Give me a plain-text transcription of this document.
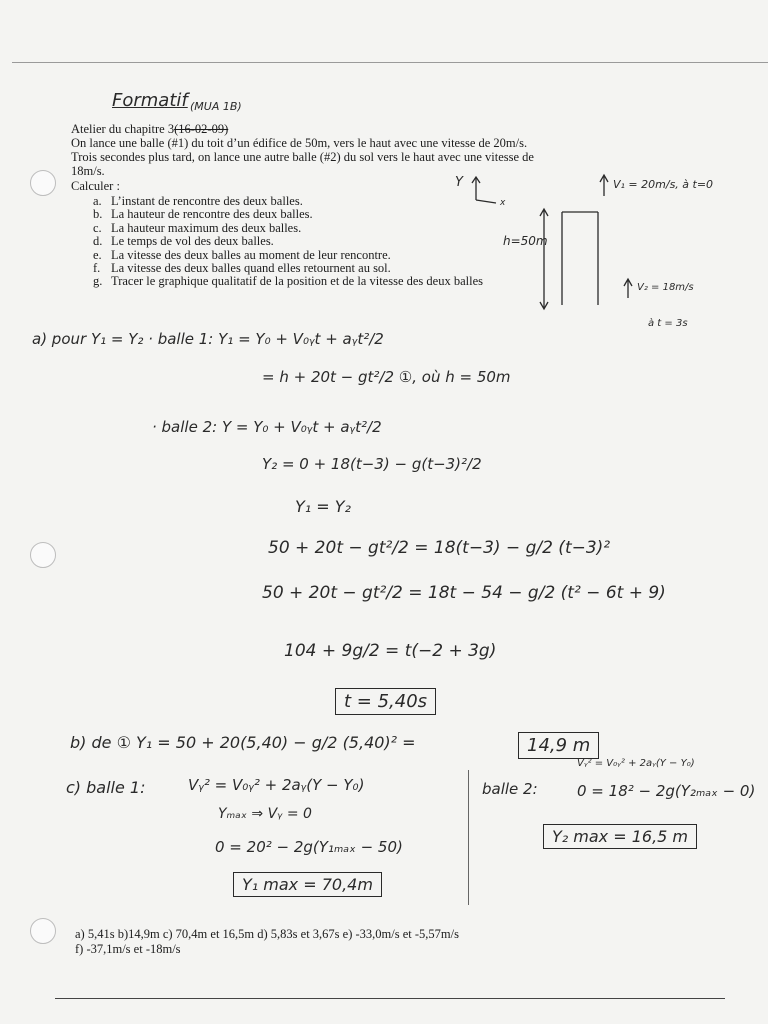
Formatif (MUA 1B)
Atelier du chapitre 3(16-02-09)
On lance une balle (#1) du toit d’un édifice de 50m, vers le haut avec une vitesse de 20m/s.
Trois secondes plus tard, on lance une autre balle (#2) du sol vers le haut avec une vitesse de
18m/s.
Calculer :
a. L’instant de rencontre des deux balles.
b. La hauteur de rencontre des deux balles.
c. La hauteur maximum des deux balles.
d. Le temps de vol des deux balles.
e. La vitesse des deux balles au moment de leur rencontre.
f. La vitesse des deux balles quand elles retournent au sol.
g. Tracer le graphique qualitatif de la position et de la vitesse des deux balles
Y
x
h=50m
V₁ = 20m/s, à t=0
V₂ = 18m/s
à t = 3s
a) pour Y₁ = Y₂ · balle 1: Y₁ = Y₀ + V₀ᵧt + aᵧt²/2
= h + 20t − gt²/2 ①, où h = 50m
· balle 2: Y = Y₀ + V₀ᵧt + aᵧt²/2
Y₂ = 0 + 18(t−3) − g(t−3)²/2
Y₁ = Y₂
50 + 20t − gt²/2 = 18(t−3) − g/2 (t−3)²
50 + 20t − gt²/2 = 18t − 54 − g/2 (t² − 6t + 9)
104 + 9g/2 = t(−2 + 3g)
t = 5,40s
b) de ① Y₁ = 50 + 20(5,40) − g/2 (5,40)² =	14,9 m
c) balle 1:	Vᵧ² = V₀ᵧ² + 2aᵧ(Y − Y₀)
Yₘₐₓ ⇒ Vᵧ = 0
0 = 20² − 2g(Y₁ₘₐₓ − 50)
Y₁ max = 70,4m
balle 2:
Vᵧ² = V₀ᵧ² + 2aᵧ(Y − Y₀)
0 = 18² − 2g(Y₂ₘₐₓ − 0)
Y₂ max = 16,5 m
a) 5,41s b)14,9m c) 70,4m et 16,5m d) 5,83s et 3,67s e) -33,0m/s et -5,57m/s
f) -37,1m/s et -18m/s
